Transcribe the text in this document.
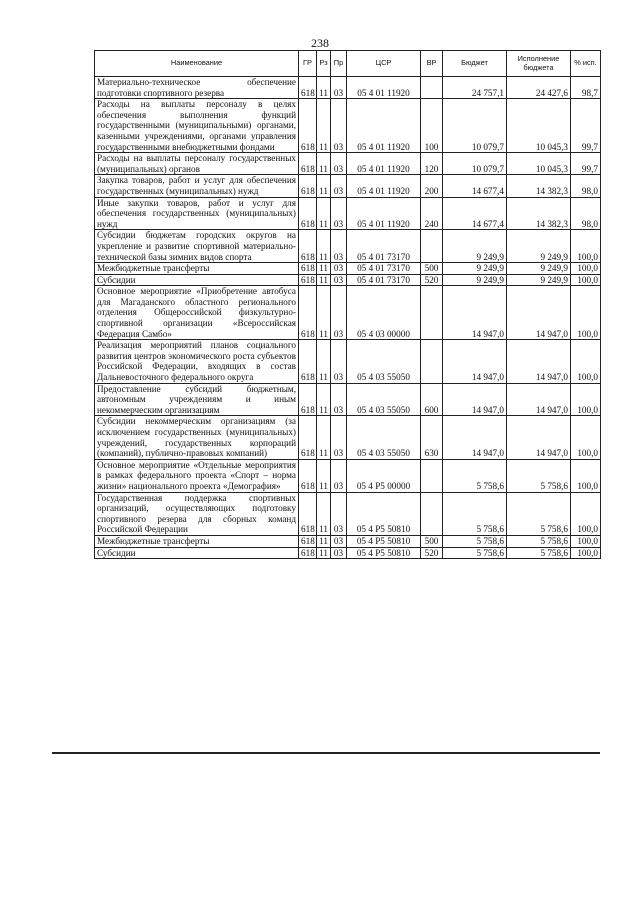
238
Наименование	ГР	Рз	Пр	ЦСР	ВР	Бюджет	Исполнение бюджета	% исп.
Материально-техническое обеспечение подготовки спортивного резерва	618	11	03	05 4 01 11920		24 757,1	24 427,6	98,7
Расходы на выплаты персоналу в целях обеспечения выполнения функций государственными (муниципальными) органами, казенными учреждениями, органами управления государственными внебюджетными фондами	618	11	03	05 4 01 11920	100	10 079,7	10 045,3	99,7
Расходы на выплаты персоналу государственных (муниципальных) органов	618	11	03	05 4 01 11920	120	10 079,7	10 045,3	99,7
Закупка товаров, работ и услуг для обеспечения государственных (муниципальных) нужд	618	11	03	05 4 01 11920	200	14 677,4	14 382,3	98,0
Иные закупки товаров, работ и услуг для обеспечения государственных (муниципальных) нужд	618	11	03	05 4 01 11920	240	14 677,4	14 382,3	98,0
Субсидии бюджетам городских округов на укрепление и развитие спортивной материально-технической базы зимних видов спорта	618	11	03	05 4 01 73170		9 249,9	9 249,9	100,0
Межбюджетные трансферты	618	11	03	05 4 01 73170	500	9 249,9	9 249,9	100,0
Субсидии	618	11	03	05 4 01 73170	520	9 249,9	9 249,9	100,0
Основное мероприятие «Приобретение автобуса для Магаданского областного регионального отделения Общероссийской физкультурно-спортивной организации «Всероссийская Федерация Самбо»	618	11	03	05 4 03 00000		14 947,0	14 947,0	100,0
Реализация мероприятий планов социального развития центров экономического роста субъектов Российской Федерации, входящих в состав Дальневосточного федерального округа	618	11	03	05 4 03 55050		14 947,0	14 947,0	100,0
Предоставление субсидий бюджетным, автономным учреждениям и иным некоммерческим организациям	618	11	03	05 4 03 55050	600	14 947,0	14 947,0	100,0
Субсидии некоммерческим организациям (за исключением государственных (муниципальных) учреждений, государственных корпораций (компаний), публично-правовых компаний)	618	11	03	05 4 03 55050	630	14 947,0	14 947,0	100,0
Основное мероприятие «Отдельные мероприятия в рамках федерального проекта «Спорт – норма жизни» национального проекта «Демография»	618	11	03	05 4 P5 00000		5 758,6	5 758,6	100,0
Государственная поддержка спортивных организаций, осуществляющих подготовку спортивного резерва для сборных команд Российской Федерации	618	11	03	05 4 P5 50810		5 758,6	5 758,6	100,0
Межбюджетные трансферты	618	11	03	05 4 P5 50810	500	5 758,6	5 758,6	100,0
Субсидии	618	11	03	05 4 P5 50810	520	5 758,6	5 758,6	100,0
